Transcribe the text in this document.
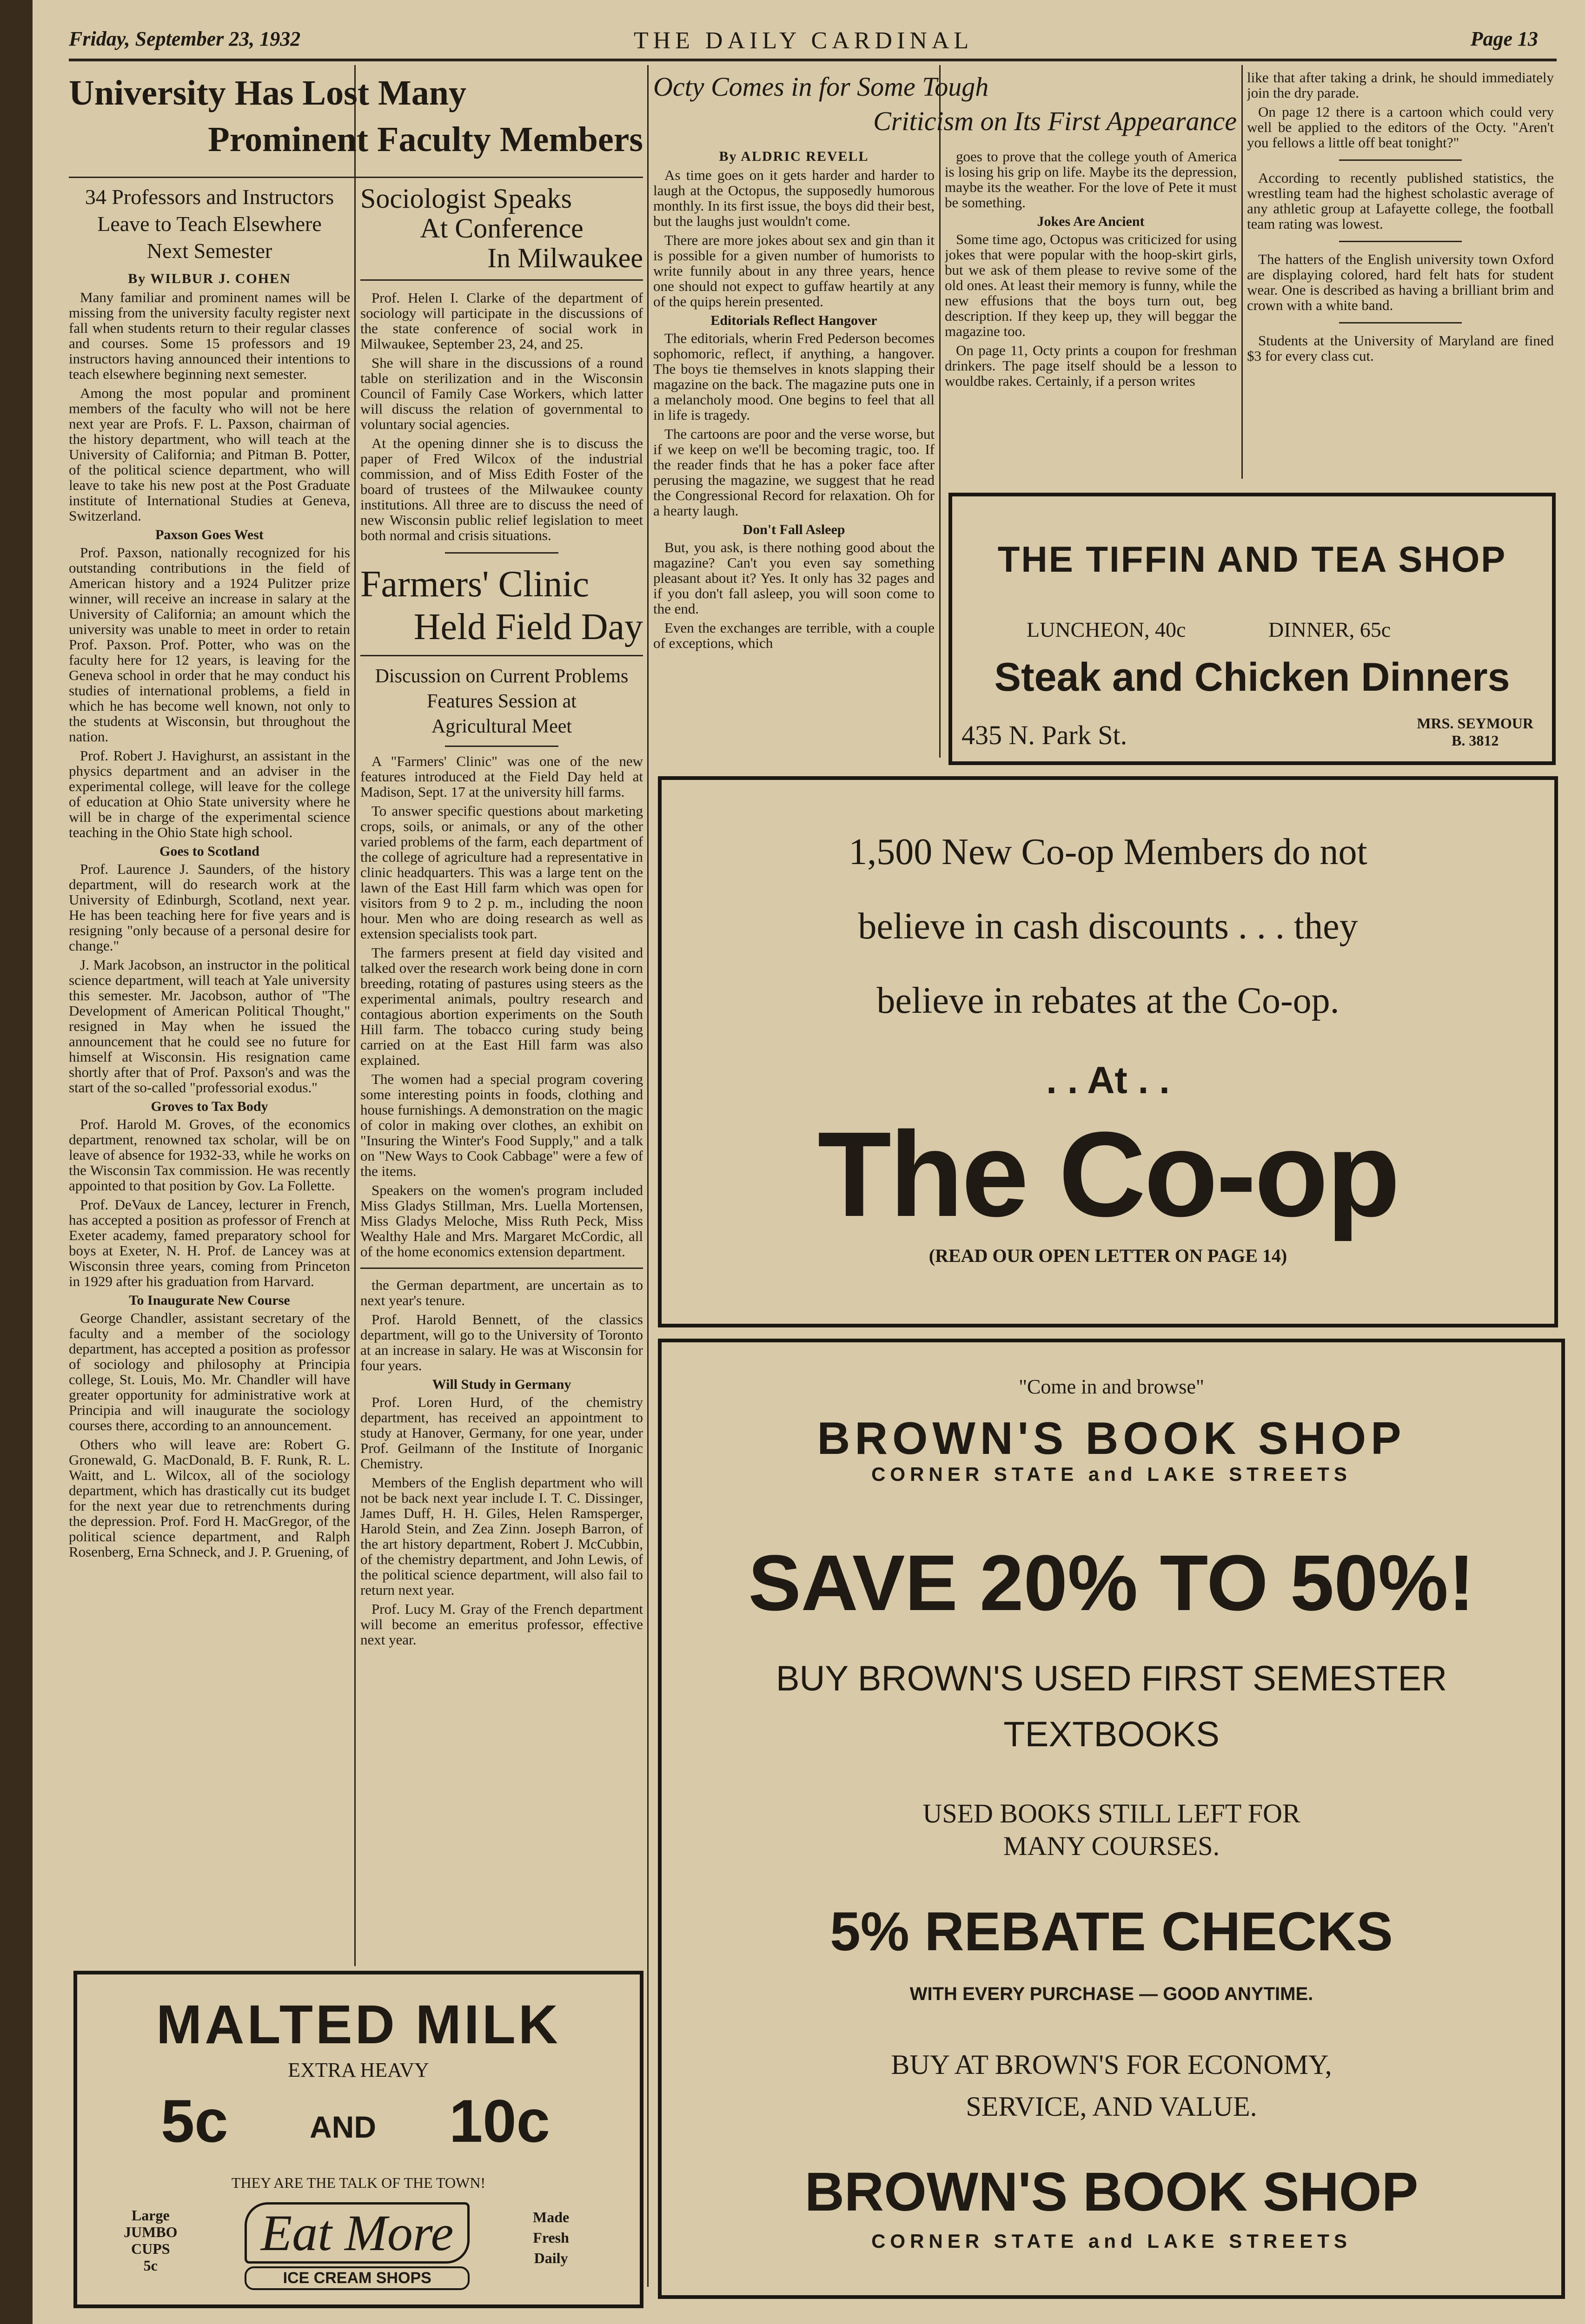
THE DAILY CARDINAL
Friday, September 23, 1932	Page 13
University Has Lost Many
Prominent Faculty Members
34 Professors and Instructors
Leave to Teach Elsewhere
Next Semester
By WILBUR J. COHEN

Many familiar and prominent names will be missing from the university faculty register next fall when students return to their regular classes and courses. Some 15 professors and 19 instructors having announced their intentions to teach elsewhere beginning next semester.

Among the most popular and prominent members of the faculty who will not be here next year are Profs. F. L. Paxson, chairman of the history department, who will teach at the University of California; and Pitman B. Potter, of the political science department, who will leave to take his new post at the Post Graduate institute of International Studies at Geneva, Switzerland.

Paxson Goes West

Prof. Paxson, nationally recognized for his outstanding contributions in the field of American history and a 1924 Pulitzer prize winner, will receive an increase in salary at the University of California; an amount which the university was unable to meet in order to retain Prof. Paxson. Prof. Potter, who was on the faculty here for 12 years, is leaving for the Geneva school in order that he may conduct his studies of international problems, a field in which he has become well known, not only to the students at Wisconsin, but throughout the nation.

Prof. Robert J. Havighurst, an assistant in the physics department and an adviser in the experimental college, will leave for the college of education at Ohio State university where he will be in charge of the experimental science teaching in the Ohio State high school.

Goes to Scotland

Prof. Laurence J. Saunders, of the history department, will do research work at the University of Edinburgh, Scotland, next year. He has been teaching here for five years and is resigning "only because of a personal desire for change."

J. Mark Jacobson, an instructor in the political science department, will teach at Yale university this semester. Mr. Jacobson, author of "The Development of American Political Thought," resigned in May when he issued the announcement that he could see no future for himself at Wisconsin. His resignation came shortly after that of Prof. Paxson's and was the start of the so-called "professorial exodus."

Groves to Tax Body

Prof. Harold M. Groves, of the economics department, renowned tax scholar, will be on leave of absence for 1932-33, while he works on the Wisconsin Tax commission. He was recently appointed to that position by Gov. La Follette.

Prof. DeVaux de Lancey, lecturer in French, has accepted a position as professor of French at Exeter academy, famed preparatory school for boys at Exeter, N. H. Prof. de Lancey was at Wisconsin three years, coming from Princeton in 1929 after his graduation from Harvard.

To Inaugurate New Course

George Chandler, assistant secretary of the faculty and a member of the sociology department, has accepted a position as professor of sociology and philosophy at Principia college, St. Louis, Mo. Mr. Chandler will have greater opportunity for administrative work at Principia and will inaugurate the sociology courses there, according to an announcement.

Others who will leave are: Robert G. Gronewald, G. MacDonald, B. F. Runk, R. L. Waitt, and L. Wilcox, all of the sociology department, which has drastically cut its budget for the next year due to retrenchments during the depression. Prof. Ford H. MacGregor, of the political science department, and Ralph Rosenberg, Erna Schneck, and J. P. Gruening, of

Sociologist Speaks
At Conference
In Milwaukee

Prof. Helen I. Clarke of the department of sociology will participate in the discussions of the state conference of social work in Milwaukee, September 23, 24, and 25.

She will share in the discussions of a round table on sterilization and in the Wisconsin Council of Family Case Workers, which latter will discuss the relation of governmental to voluntary social agencies.

At the opening dinner she is to discuss the paper of Fred Wilcox of the industrial commission, and of Miss Edith Foster of the board of trustees of the Milwaukee county institutions. All three are to discuss the need of new Wisconsin public relief legislation to meet both normal and crisis situations.

Farmers' Clinic
Held Field Day
Discussion on Current Problems Features Session at
Agricultural Meet

A "Farmers' Clinic" was one of the new features introduced at the Field Day held at Madison, Sept. 17 at the university hill farms.

To answer specific questions about marketing crops, soils, or animals, or any of the other varied problems of the farm, each department of the college of agriculture had a representative in clinic headquarters. This was a large tent on the lawn of the East Hill farm which was open for visitors from 9 to 2 p. m., including the noon hour. Men who are doing research as well as extension specialists took part.

The farmers present at field day visited and talked over the research work being done in corn breeding, rotating of pastures using steers as the experimental animals, poultry research and contagious abortion experiments on the South Hill farm. The tobacco curing study being carried on at the East Hill farm was also explained.

The women had a special program covering some interesting points in foods, clothing and house furnishings. A demonstration on the magic of color in making over clothes, an exhibit on "Insuring the Winter's Food Supply," and a talk on "New Ways to Cook Cabbage" were a few of the items.

Speakers on the women's program included Miss Gladys Stillman, Mrs. Luella Mortensen, Miss Gladys Meloche, Miss Ruth Peck, Miss Wealthy Hale and Mrs. Margaret McCordic, all of the home economics extension department.

the German department, are uncertain as to next year's tenure.

Prof. Harold Bennett, of the classics department, will go to the University of Toronto at an increase in salary. He was at Wisconsin for four years.

Will Study in Germany

Prof. Loren Hurd, of the chemistry department, has received an appointment to study at Hanover, Germany, for one year, under Prof. Geilmann of the Institute of Inorganic Chemistry.

Members of the English department who will not be back next year include I. T. C. Dissinger, James Duff, H. H. Giles, Helen Ramsperger, Harold Stein, and Zea Zinn. Joseph Barron, of the art history department, Robert J. McCubbin, of the chemistry department, and John Lewis, of the political science department, will also fail to return next year.

Prof. Lucy M. Gray of the French department will become an emeritus professor, effective next year.

Octy Comes in for Some Tough
Criticism on Its First Appearance
By ALDRIC REVELL

As time goes on it gets harder and harder to laugh at the Octopus, the supposedly humorous monthly. In its first issue, the boys did their best, but the laughs just wouldn't come.

There are more jokes about sex and gin than it is possible for a given number of humorists to write funnily about in any three years, hence one should not expect to guffaw heartily at any of the quips herein presented.

Editorials Reflect Hangover

The editorials, wherin Fred Pederson becomes sophomoric, reflect, if anything, a hangover. The boys tie themselves in knots slapping their magazine on the back. The magazine puts one in a melancholy mood. One begins to feel that all in life is tragedy.

The cartoons are poor and the verse worse, but if we keep on we'll be becoming tragic, too. If the reader finds that he has a poker face after perusing the magazine, we suggest that he read the Congressional Record for relaxation. Oh for a hearty laugh.

Don't Fall Asleep

But, you ask, is there nothing good about the magazine? Can't you even say something pleasant about it? Yes. It only has 32 pages and if you don't fall asleep, you will soon come to the end.

Even the exchanges are terrible, with a couple of exceptions, which

goes to prove that the college youth of America is losing his grip on life. Maybe its the depression, maybe its the weather. For the love of Pete it must be something.

Jokes Are Ancient

Some time ago, Octopus was criticized for using jokes that were popular with the hoop-skirt girls, but we ask of them please to revive some of the old ones. At least their memory is funny, while the new effusions that the boys turn out, beg description. If they keep up, they will beggar the magazine too.

On page 11, Octy prints a coupon for freshman drinkers. The page itself should be a lesson to wouldbe rakes. Certainly, if a person writes

like that after taking a drink, he should immediately join the dry parade.

On page 12 there is a cartoon which could very well be applied to the editors of the Octy. "Aren't you fellows a little off beat tonight?"

According to recently published statistics, the wrestling team had the highest scholastic average of any athletic group at Lafayette college, the football team rating was lowest.

The hatters of the English university town Oxford are displaying colored, hard felt hats for student wear. One is described as having a brilliant brim and crown with a white band.

Students at the University of Maryland are fined $3 for every class cut.

THE TIFFIN AND TEA SHOP
LUNCHEON, 40c	DINNER, 65c
Steak and Chicken Dinners
435 N. Park St.	MRS. SEYMOUR
B. 3812
1,500 New Co-op Members do not
believe in cash discounts . . . they
believe in rebates at the Co-op.
. . At . .
The Co-op
(READ OUR OPEN LETTER ON PAGE 14)
"Come in and browse"
BROWN'S BOOK SHOP
CORNER STATE and LAKE STREETS
SAVE 20% TO 50%!
BUY BROWN'S USED FIRST SEMESTER
TEXTBOOKS
USED BOOKS STILL LEFT FOR
MANY COURSES.
5% REBATE CHECKS
WITH EVERY PURCHASE — GOOD ANYTIME.
BUY AT BROWN'S FOR ECONOMY,
SERVICE, AND VALUE.
BROWN'S BOOK SHOP
CORNER STATE and LAKE STREETS
MALTED MILK
EXTRA HEAVY
5c	AND 10c
THEY ARE THE TALK OF THE TOWN!
Large
JUMBO
CUPS
5c
Eat More
ICE CREAM SHOPS
Made
Fresh
Daily
